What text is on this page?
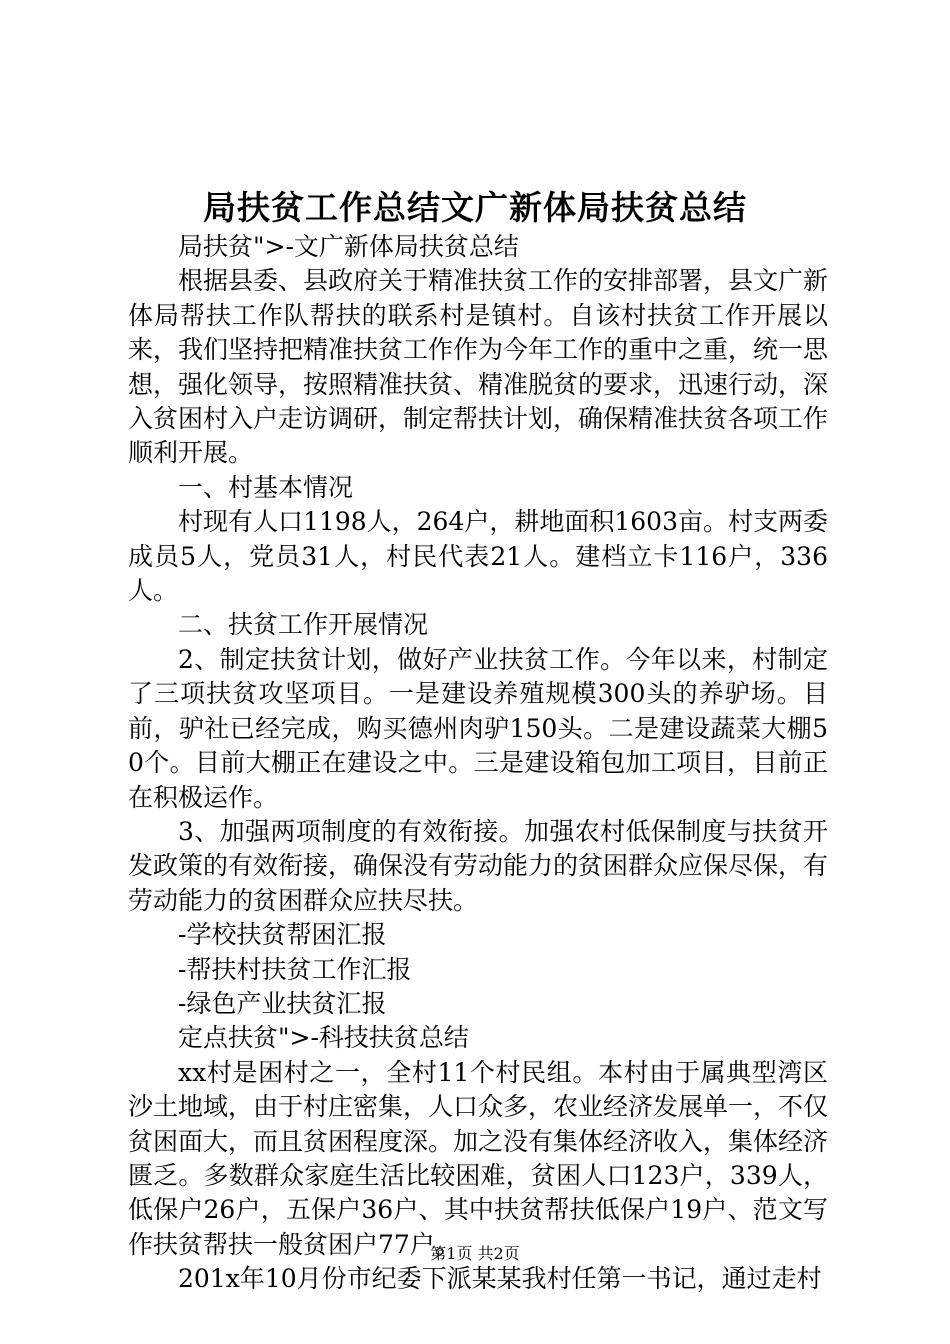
局扶贫工作总结文广新体局扶贫总结

局扶贫">-文广新体局扶贫总结

根据县委、县政府关于精准扶贫工作的安排部署，县文广新体局帮扶工作队帮扶的联系村是镇村。自该村扶贫工作开展以来，我们坚持把精准扶贫工作作为今年工作的重中之重，统一思想，强化领导，按照精准扶贫、精准脱贫的要求，迅速行动，深入贫困村入户走访调研，制定帮扶计划，确保精准扶贫各项工作顺利开展。

一、村基本情况

村现有人口1198人，264户，耕地面积1603亩。村支两委成员5人，党员31人，村民代表21人。建档立卡116户，336人。

二、扶贫工作开展情况

2、制定扶贫计划，做好产业扶贫工作。今年以来，村制定了三项扶贫攻坚项目。一是建设养殖规模300头的养驴场。目前，驴社已经完成，购买德州肉驴150头。二是建设蔬菜大棚50个。目前大棚正在建设之中。三是建设箱包加工项目，目前正在积极运作。

3、加强两项制度的有效衔接。加强农村低保制度与扶贫开发政策的有效衔接，确保没有劳动能力的贫困群众应保尽保，有劳动能力的贫困群众应扶尽扶。

-学校扶贫帮困汇报

-帮扶村扶贫工作汇报

-绿色产业扶贫汇报

定点扶贫">-科技扶贫总结

xx村是困村之一，全村11个村民组。本村由于属典型湾区沙土地域，由于村庄密集，人口众多，农业经济发展单一，不仅贫困面大，而且贫困程度深。加之没有集体经济收入，集体经济匮乏。多数群众家庭生活比较困难，贫困人口123户，339人，低保户26户，五保户36户、其中扶贫帮扶低保户19户、范文写作扶贫帮扶一般贫困户77户。

201x年10月份市纪委下派某某我村任第一书记，通过走村

第1页 共2页
